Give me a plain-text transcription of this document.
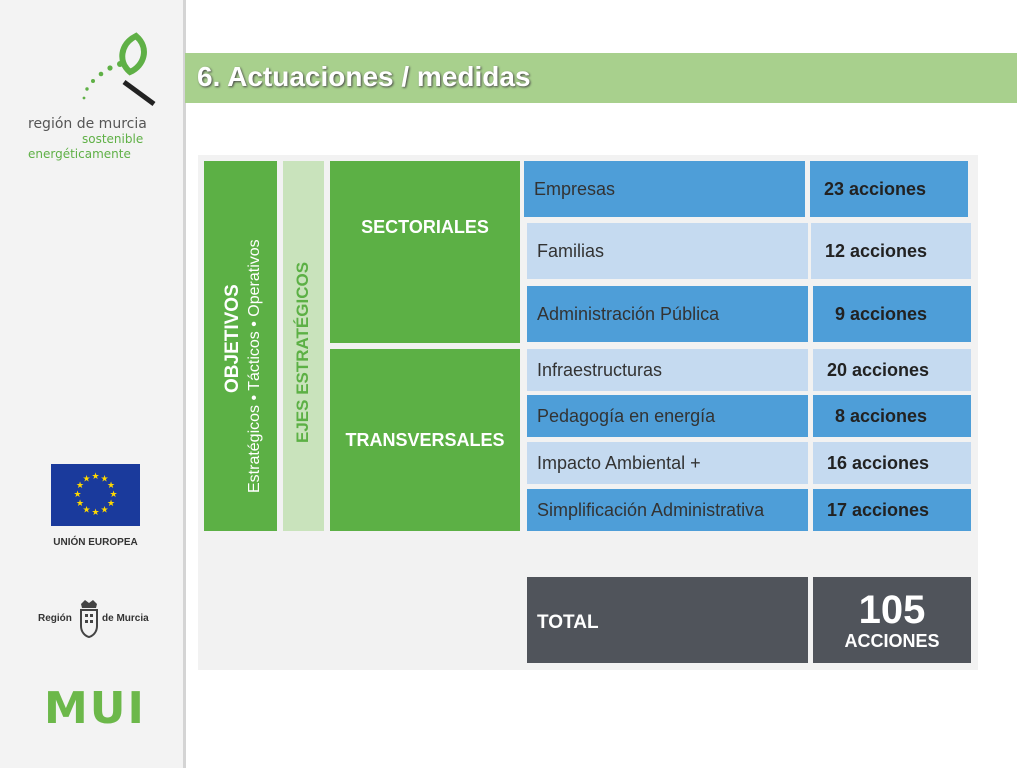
región de murcia
sostenible
energéticamente
★ ★
★
★
★
★
★
★
★
★
★
★
UNIÓN EUROPEA
Región	de Murcia
MUI
6. Actuaciones / medidas
OBJETIVOS Estratégicos • Tácticos • Operativos EJES ESTRATÉGICOS
SECTORIALES
TRANSVERSALES
Empresas	23 acciones
Familias	12 acciones
Administración Pública	9 acciones
Infraestructuras	20 acciones
Pedagogía en energía	8 acciones
Impacto Ambiental +	16 acciones
Simplificación Administrativa	17 acciones
TOTAL	105
ACCIONES
